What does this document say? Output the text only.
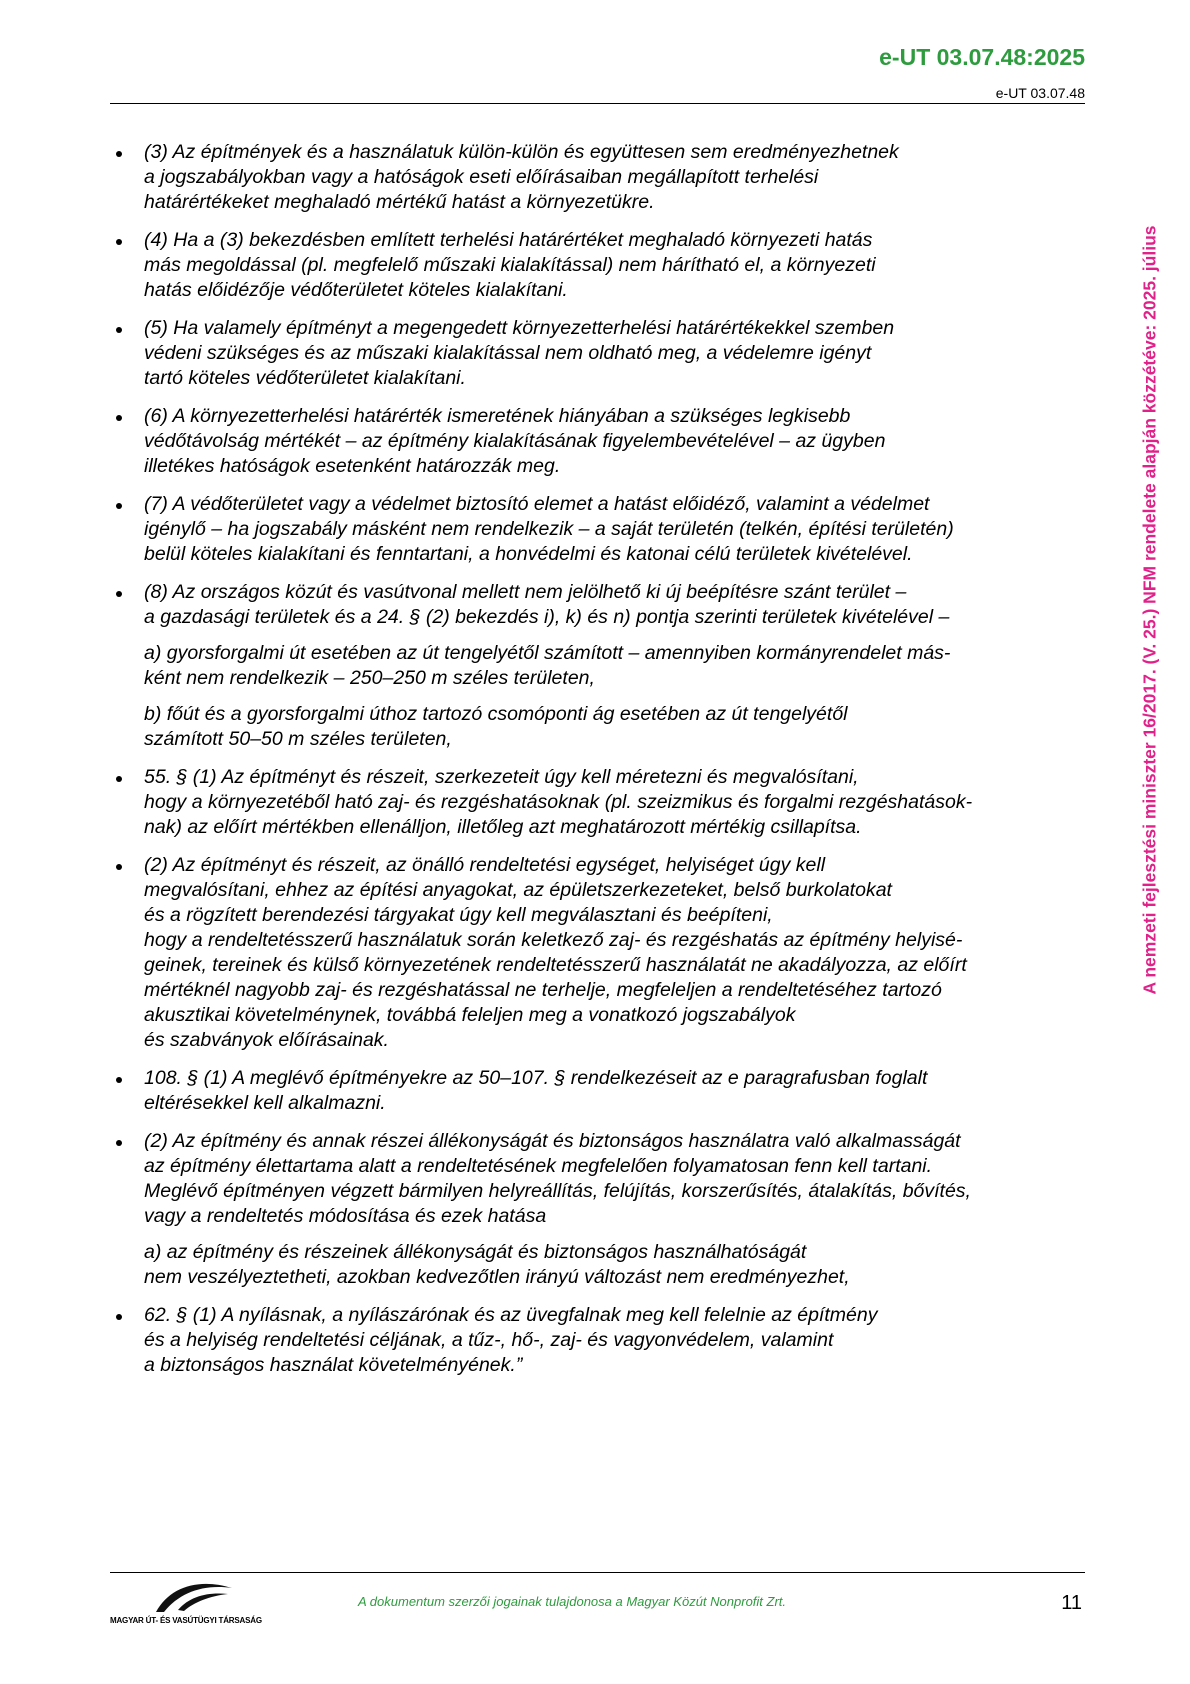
e-UT 03.07.48:2025
e-UT 03.07.48

(3) Az építmények és a használatuk külön-külön és együttesen sem eredményezhetnek
a jogszabályokban vagy a hatóságok eseti előírásaiban megállapított terhelési
határértékeket meghaladó mértékű hatást a környezetükre.

(4) Ha a (3) bekezdésben említett terhelési határértéket meghaladó környezeti hatás
más megoldással (pl. megfelelő műszaki kialakítással) nem hárítható el, a környezeti
hatás előidézője védőterületet köteles kialakítani.

(5) Ha valamely építményt a megengedett környezetterhelési határértékekkel szemben
védeni szükséges és az műszaki kialakítással nem oldható meg, a védelemre igényt
tartó köteles védőterületet kialakítani.

(6) A környezetterhelési határérték ismeretének hiányában a szükséges legkisebb
védőtávolság mértékét – az építmény kialakításának figyelembevételével – az ügyben
illetékes hatóságok esetenként határozzák meg.

(7) A védőterületet vagy a védelmet biztosító elemet a hatást előidéző, valamint a védelmet
igénylő – ha jogszabály másként nem rendelkezik – a saját területén (telkén, építési területén)
belül köteles kialakítani és fenntartani, a honvédelmi és katonai célú területek kivételével.

(8) Az országos közút és vasútvonal mellett nem jelölhető ki új beépítésre szánt terület –
a gazdasági területek és a 24. § (2) bekezdés i), k) és n) pontja szerinti területek kivételével –

a) gyorsforgalmi út esetében az út tengelyétől számított – amennyiben kormányrendelet más-
ként nem rendelkezik – 250–250 m széles területen,

b) főút és a gyorsforgalmi úthoz tartozó csomóponti ág esetében az út tengelyétől
számított 50–50 m széles területen,

55. § (1) Az építményt és részeit, szerkezeteit úgy kell méretezni és megvalósítani,
hogy a környezetéből ható zaj- és rezgéshatásoknak (pl. szeizmikus és forgalmi rezgéshatások-
nak) az előírt mértékben ellenálljon, illetőleg azt meghatározott mértékig csillapítsa.

(2) Az építményt és részeit, az önálló rendeltetési egységet, helyiséget úgy kell
megvalósítani, ehhez az építési anyagokat, az épületszerkezeteket, belső burkolatokat
és a rögzített berendezési tárgyakat úgy kell megválasztani és beépíteni,
hogy a rendeltetésszerű használatuk során keletkező zaj- és rezgéshatás az építmény helyisé-
geinek, tereinek és külső környezetének rendeltetésszerű használatát ne akadályozza, az előírt
mértéknél nagyobb zaj- és rezgéshatással ne terhelje, megfeleljen a rendeltetéséhez tartozó
akusztikai követelménynek, továbbá feleljen meg a vonatkozó jogszabályok
és szabványok előírásainak.

108. § (1) A meglévő építményekre az 50–107. § rendelkezéseit az e paragrafusban foglalt
eltérésekkel kell alkalmazni.

(2) Az építmény és annak részei állékonyságát és biztonságos használatra való alkalmasságát
az építmény élettartama alatt a rendeltetésének megfelelően folyamatosan fenn kell tartani.
Meglévő építményen végzett bármilyen helyreállítás, felújítás, korszerűsítés, átalakítás, bővítés,
vagy a rendeltetés módosítása és ezek hatása

a) az építmény és részeinek állékonyságát és biztonságos használhatóságát
nem veszélyeztetheti, azokban kedvezőtlen irányú változást nem eredményezhet,

62. § (1) A nyílásnak, a nyílászárónak és az üvegfalnak meg kell felelnie az építmény
és a helyiség rendeltetési céljának, a tűz-, hő-, zaj- és vagyonvédelem, valamint
a biztonságos használat követelményének.”

A nemzeti fejlesztési miniszter 16/2017. (V. 25.) NFM rendelete alapján közzétéve: 2025. július
MAGYAR ÚT- ÉS VASÚTÜGYI TÁRSASÁG
A dokumentum szerzői jogainak tulajdonosa a Magyar Közút Nonprofit Zrt.	11
